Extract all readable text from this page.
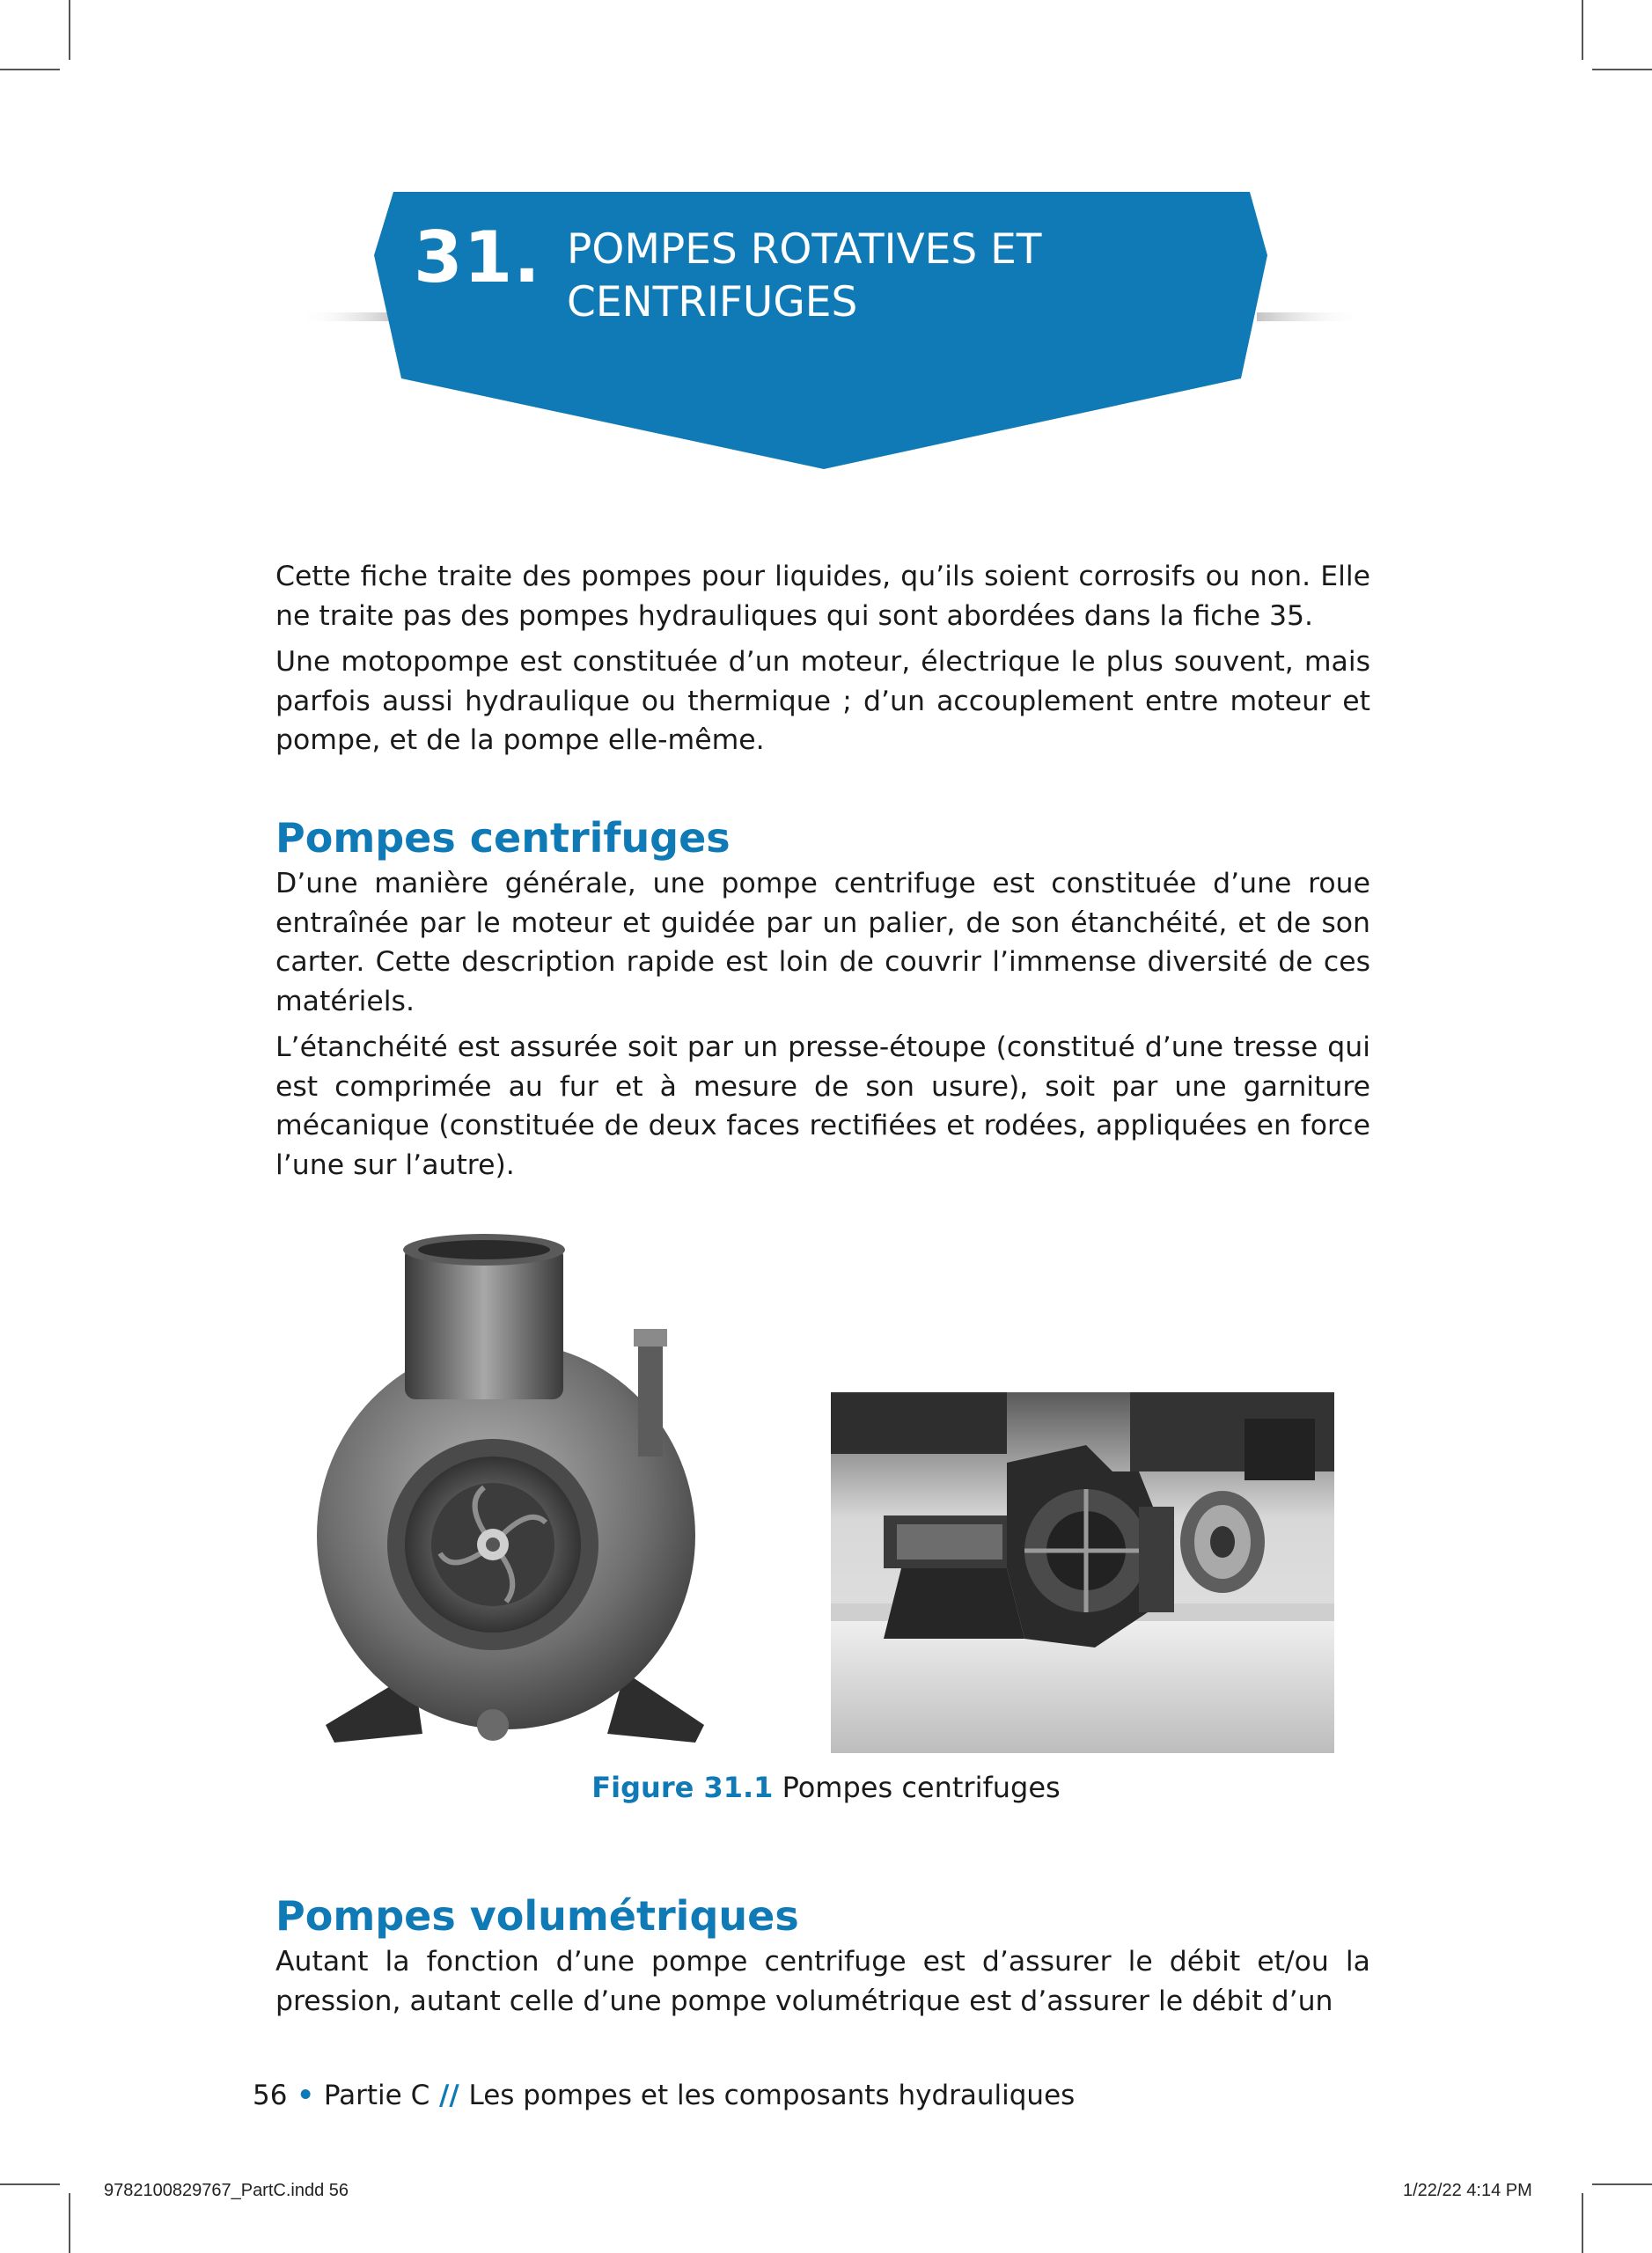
31. POMPES ROTATIVES ET
CENTRIFUGES

Cette fiche traite des pompes pour liquides, qu’ils soient corrosifs ou non. Elle ne traite pas des pompes hydrauliques qui sont abordées dans la fiche 35.

Une motopompe est constituée d’un moteur, électrique le plus souvent, mais parfois aussi hydraulique ou thermique ; d’un accouplement entre moteur et pompe, et de la pompe elle-même.

Pompes centrifuges

D’une manière générale, une pompe centrifuge est constituée d’une roue entraînée par le moteur et guidée par un palier, de son étanchéité, et de son carter. Cette description rapide est loin de couvrir l’immense diversité de ces matériels.

L’étanchéité est assurée soit par un presse-étoupe (constitué d’une tresse qui est comprimée au fur et à mesure de son usure), soit par une garniture mécanique (constituée de deux faces rectifiées et rodées, appliquées en force l’une sur l’autre).

Figure 31.1 Pompes centrifuges
Pompes volumétriques

Autant la fonction d’une pompe centrifuge est d’assurer le débit et/ou la pression, autant celle d’une pompe volumétrique est d’assurer le débit d’un

56 • Partie C // Les pompes et les composants hydrauliques
9782100829767_PartC.indd 56	1/22/22 4:14 PM
